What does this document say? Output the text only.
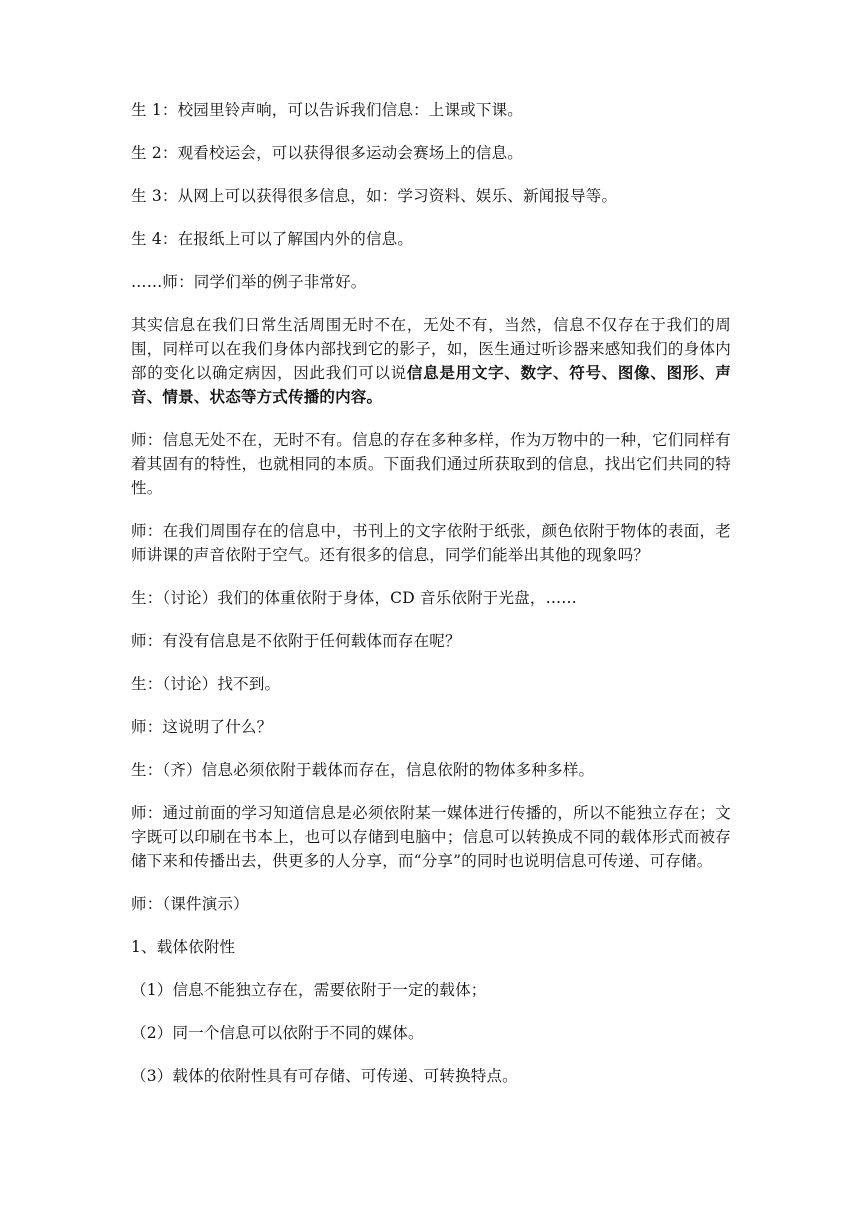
生 1：校园里铃声响，可以告诉我们信息：上课或下课。

生 2：观看校运会，可以获得很多运动会赛场上的信息。

生 3：从网上可以获得很多信息，如：学习资料、娱乐、新闻报导等。

生 4：在报纸上可以了解国内外的信息。

……师：同学们举的例子非常好。

其实信息在我们日常生活周围无时不在，无处不有，当然，信息不仅存在于我们的周围，同样可以在我们身体内部找到它的影子，如，医生通过听诊器来感知我们的身体内部的变化以确定病因，因此我们可以说信息是用文字、数字、符号、图像、图形、声音、情景、状态等方式传播的内容。

师：信息无处不在，无时不有。信息的存在多种多样，作为万物中的一种，它们同样有着其固有的特性，也就相同的本质。下面我们通过所获取到的信息，找出它们共同的特性。

师：在我们周围存在的信息中，书刊上的文字依附于纸张，颜色依附于物体的表面，老师讲课的声音依附于空气。还有很多的信息，同学们能举出其他的现象吗？

生：（讨论）我们的体重依附于身体，CD 音乐依附于光盘，……

师：有没有信息是不依附于任何载体而存在呢？

生：（讨论）找不到。

师：这说明了什么？

生：（齐）信息必须依附于载体而存在，信息依附的物体多种多样。

师：通过前面的学习知道信息是必须依附某一媒体进行传播的，所以不能独立存在；文字既可以印刷在书本上，也可以存储到电脑中；信息可以转换成不同的载体形式而被存储下来和传播出去，供更多的人分享，而“分享”的同时也说明信息可传递、可存储。

师：（课件演示）

1、载体依附性

（1）信息不能独立存在，需要依附于一定的载体；

（2）同一个信息可以依附于不同的媒体。

（3）载体的依附性具有可存储、可传递、可转换特点。
